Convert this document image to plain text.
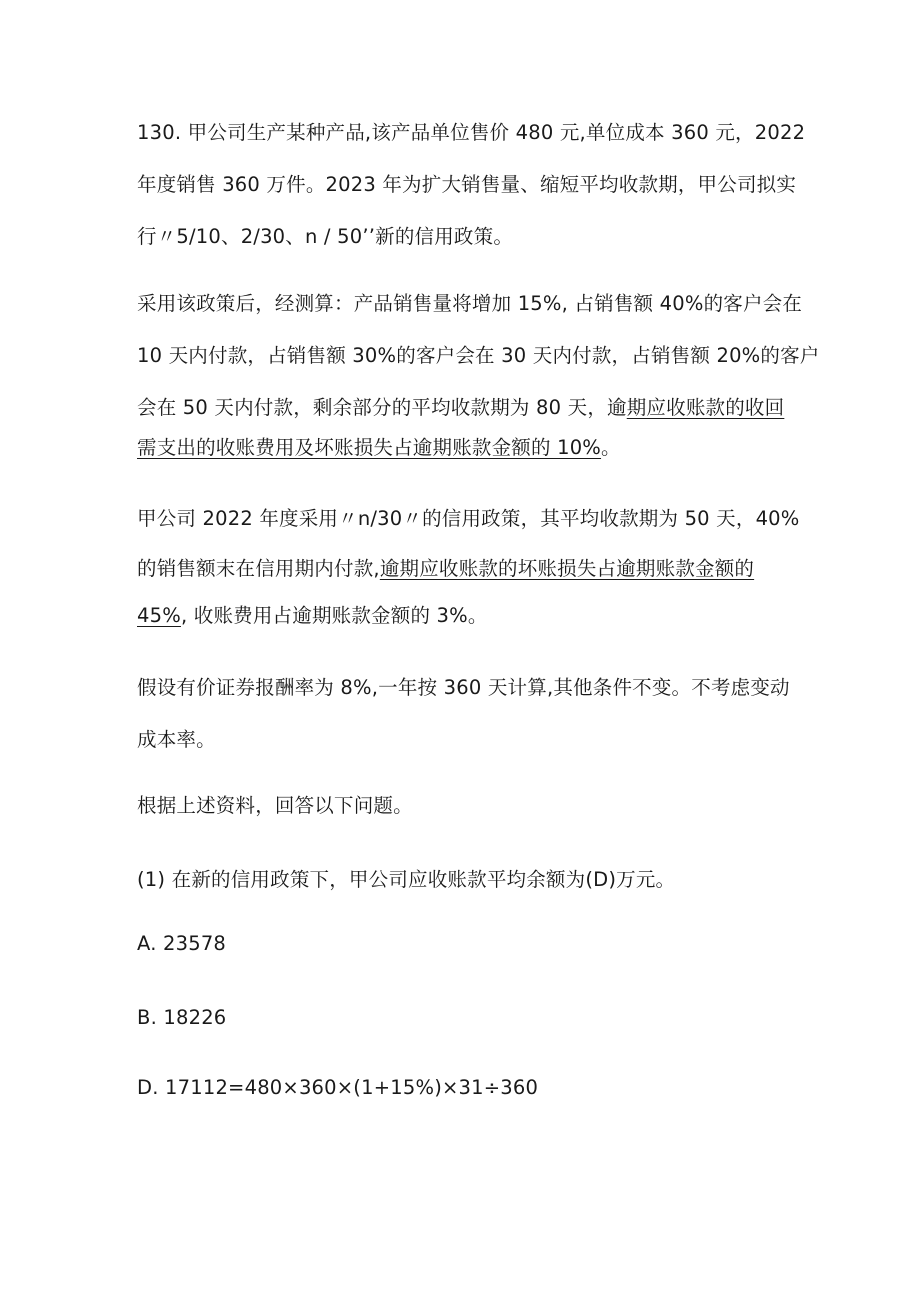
130. 甲公司生产某种产品,该产品单位售价 480 元,单位成本 360 元，2022
年度销售 360 万件。2023 年为扩大销售量、缩短平均收款期，甲公司拟实
行〃5/10、2/30、n / 50’’新的信用政策。
采用该政策后，经测算：产品销售量将增加 15%, 占销售额 40%的客户会在
10 天内付款，占销售额 30%的客户会在 30 天内付款，占销售额 20%的客户
会在 50 天内付款，剩余部分的平均收款期为 80 天，逾期应收账款的收回
需支出的收账费用及坏账损失占逾期账款金额的 10%。
甲公司 2022 年度采用〃n/30〃的信用政策，其平均收款期为 50 天，40%
的销售额末在信用期内付款,逾期应收账款的坏账损失占逾期账款金额的
45%, 收账费用占逾期账款金额的 3%。
假设有价证券报酬率为 8%,一年按 360 天计算,其他条件不变。不考虑变动
成本率。
根据上述资料，回答以下问题。
(1) 在新的信用政策下，甲公司应收账款平均余额为(D)万元。
A. 23578
B. 18226
D. 17112=480×360×(1+15%)×31÷360
